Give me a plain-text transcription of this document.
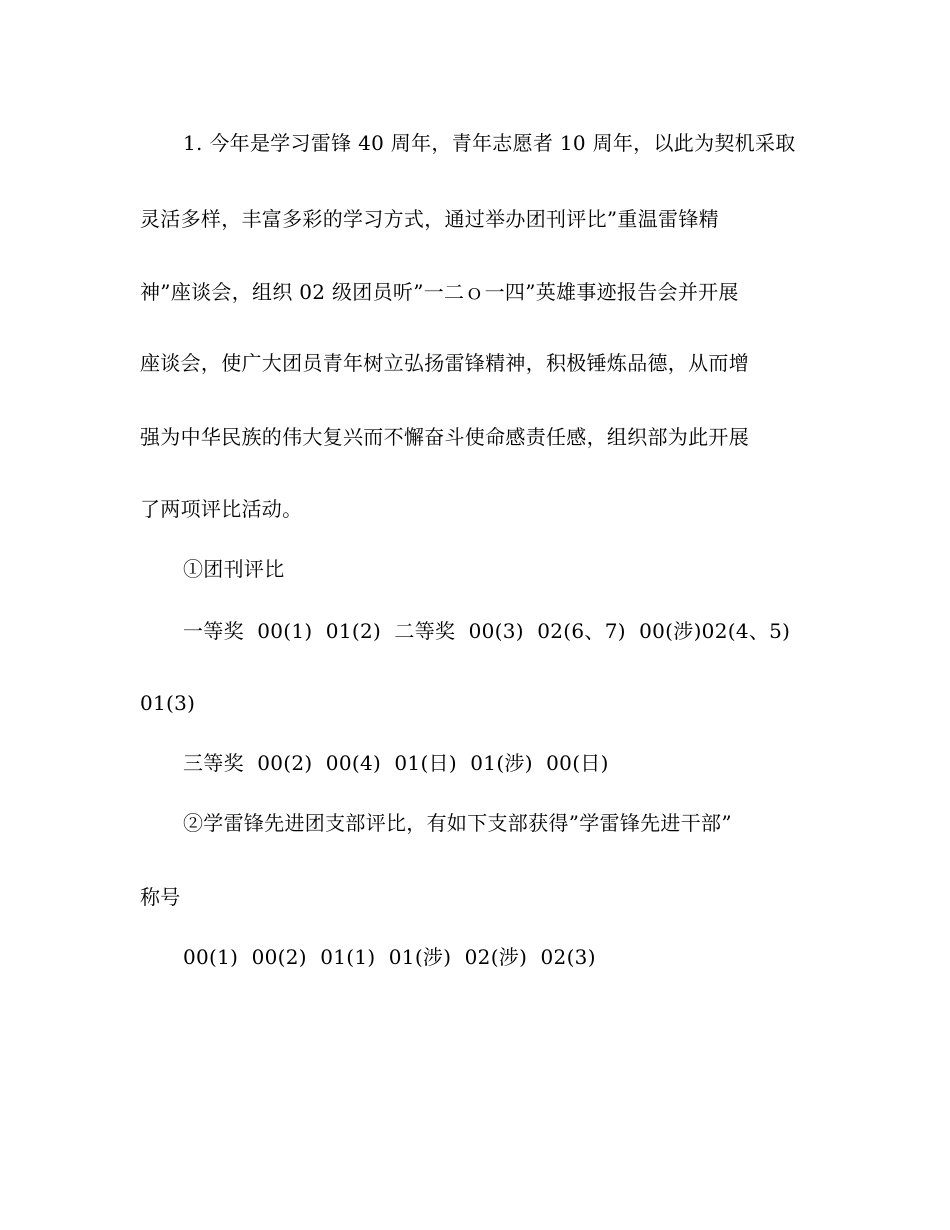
1. 今年是学习雷锋 40 周年，青年志愿者 10 周年，以此为契机采取
灵活多样，丰富多彩的学习方式，通过举办团刊评比”重温雷锋精
神”座谈会，组织 02 级团员听”一二ｏ一四”英雄事迹报告会并开展
座谈会，使广大团员青年树立弘扬雷锋精神，积极锤炼品德，从而增
强为中华民族的伟大复兴而不懈奋斗使命感责任感，组织部为此开展
了两项评比活动。
①团刊评比
一等奖  00(1)  01(2)  二等奖  00(3)  02(6、7)  00(涉)02(4、5)
01(3)
三等奖  00(2)  00(4)  01(日)  01(涉)  00(日)
②学雷锋先进团支部评比，有如下支部获得”学雷锋先进干部”
称号
00(1)  00(2)  01(1)  01(涉)  02(涉)  02(3)
